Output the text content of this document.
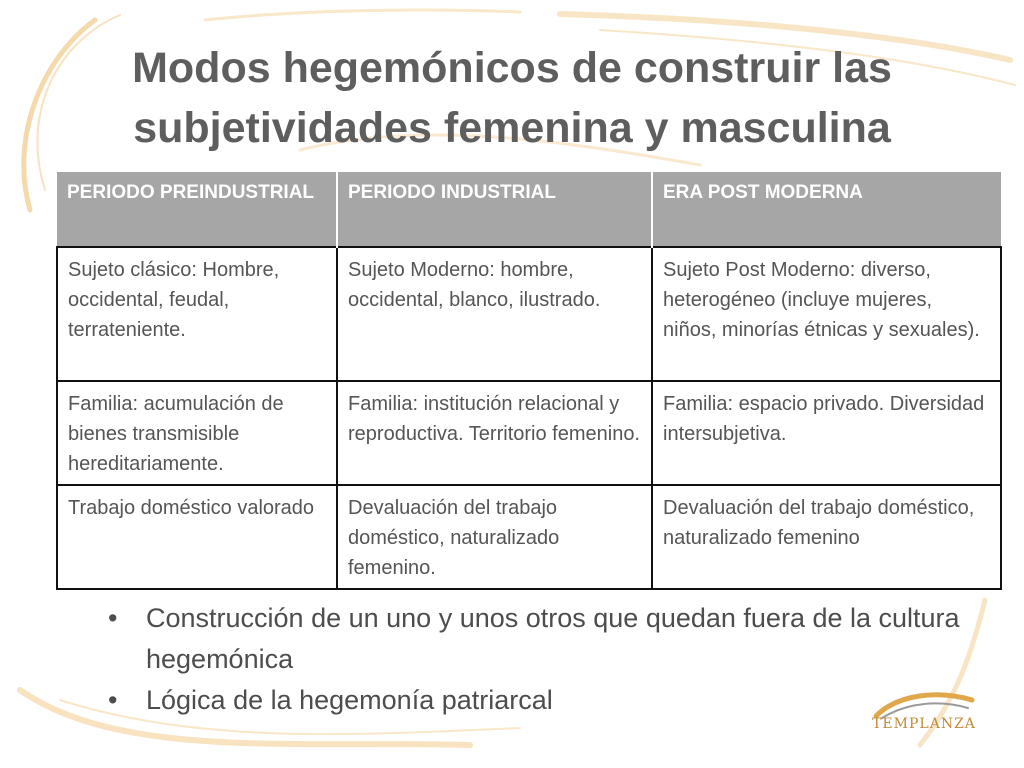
Modos hegemónicos de construir las
subjetividades femenina y masculina
PERIODO PREINDUSTRIAL	PERIODO INDUSTRIAL	ERA POST MODERNA
Sujeto clásico: Hombre, occidental, feudal, terrateniente.	Sujeto Moderno: hombre, occidental, blanco, ilustrado.	Sujeto Post Moderno: diverso, heterogéneo (incluye mujeres, niños, minorías étnicas y sexuales).
Familia: acumulación de bienes transmisible hereditariamente.	Familia: institución relacional y reproductiva. Territorio femenino.	Familia: espacio privado. Diversidad intersubjetiva.
Trabajo doméstico valorado	Devaluación del trabajo doméstico, naturalizado femenino.	Devaluación del trabajo doméstico, naturalizado femenino
• Construcción de un uno y unos otros que quedan fuera de la cultura hegemónica
• Lógica de la hegemonía patriarcal
TEMPLANZA
